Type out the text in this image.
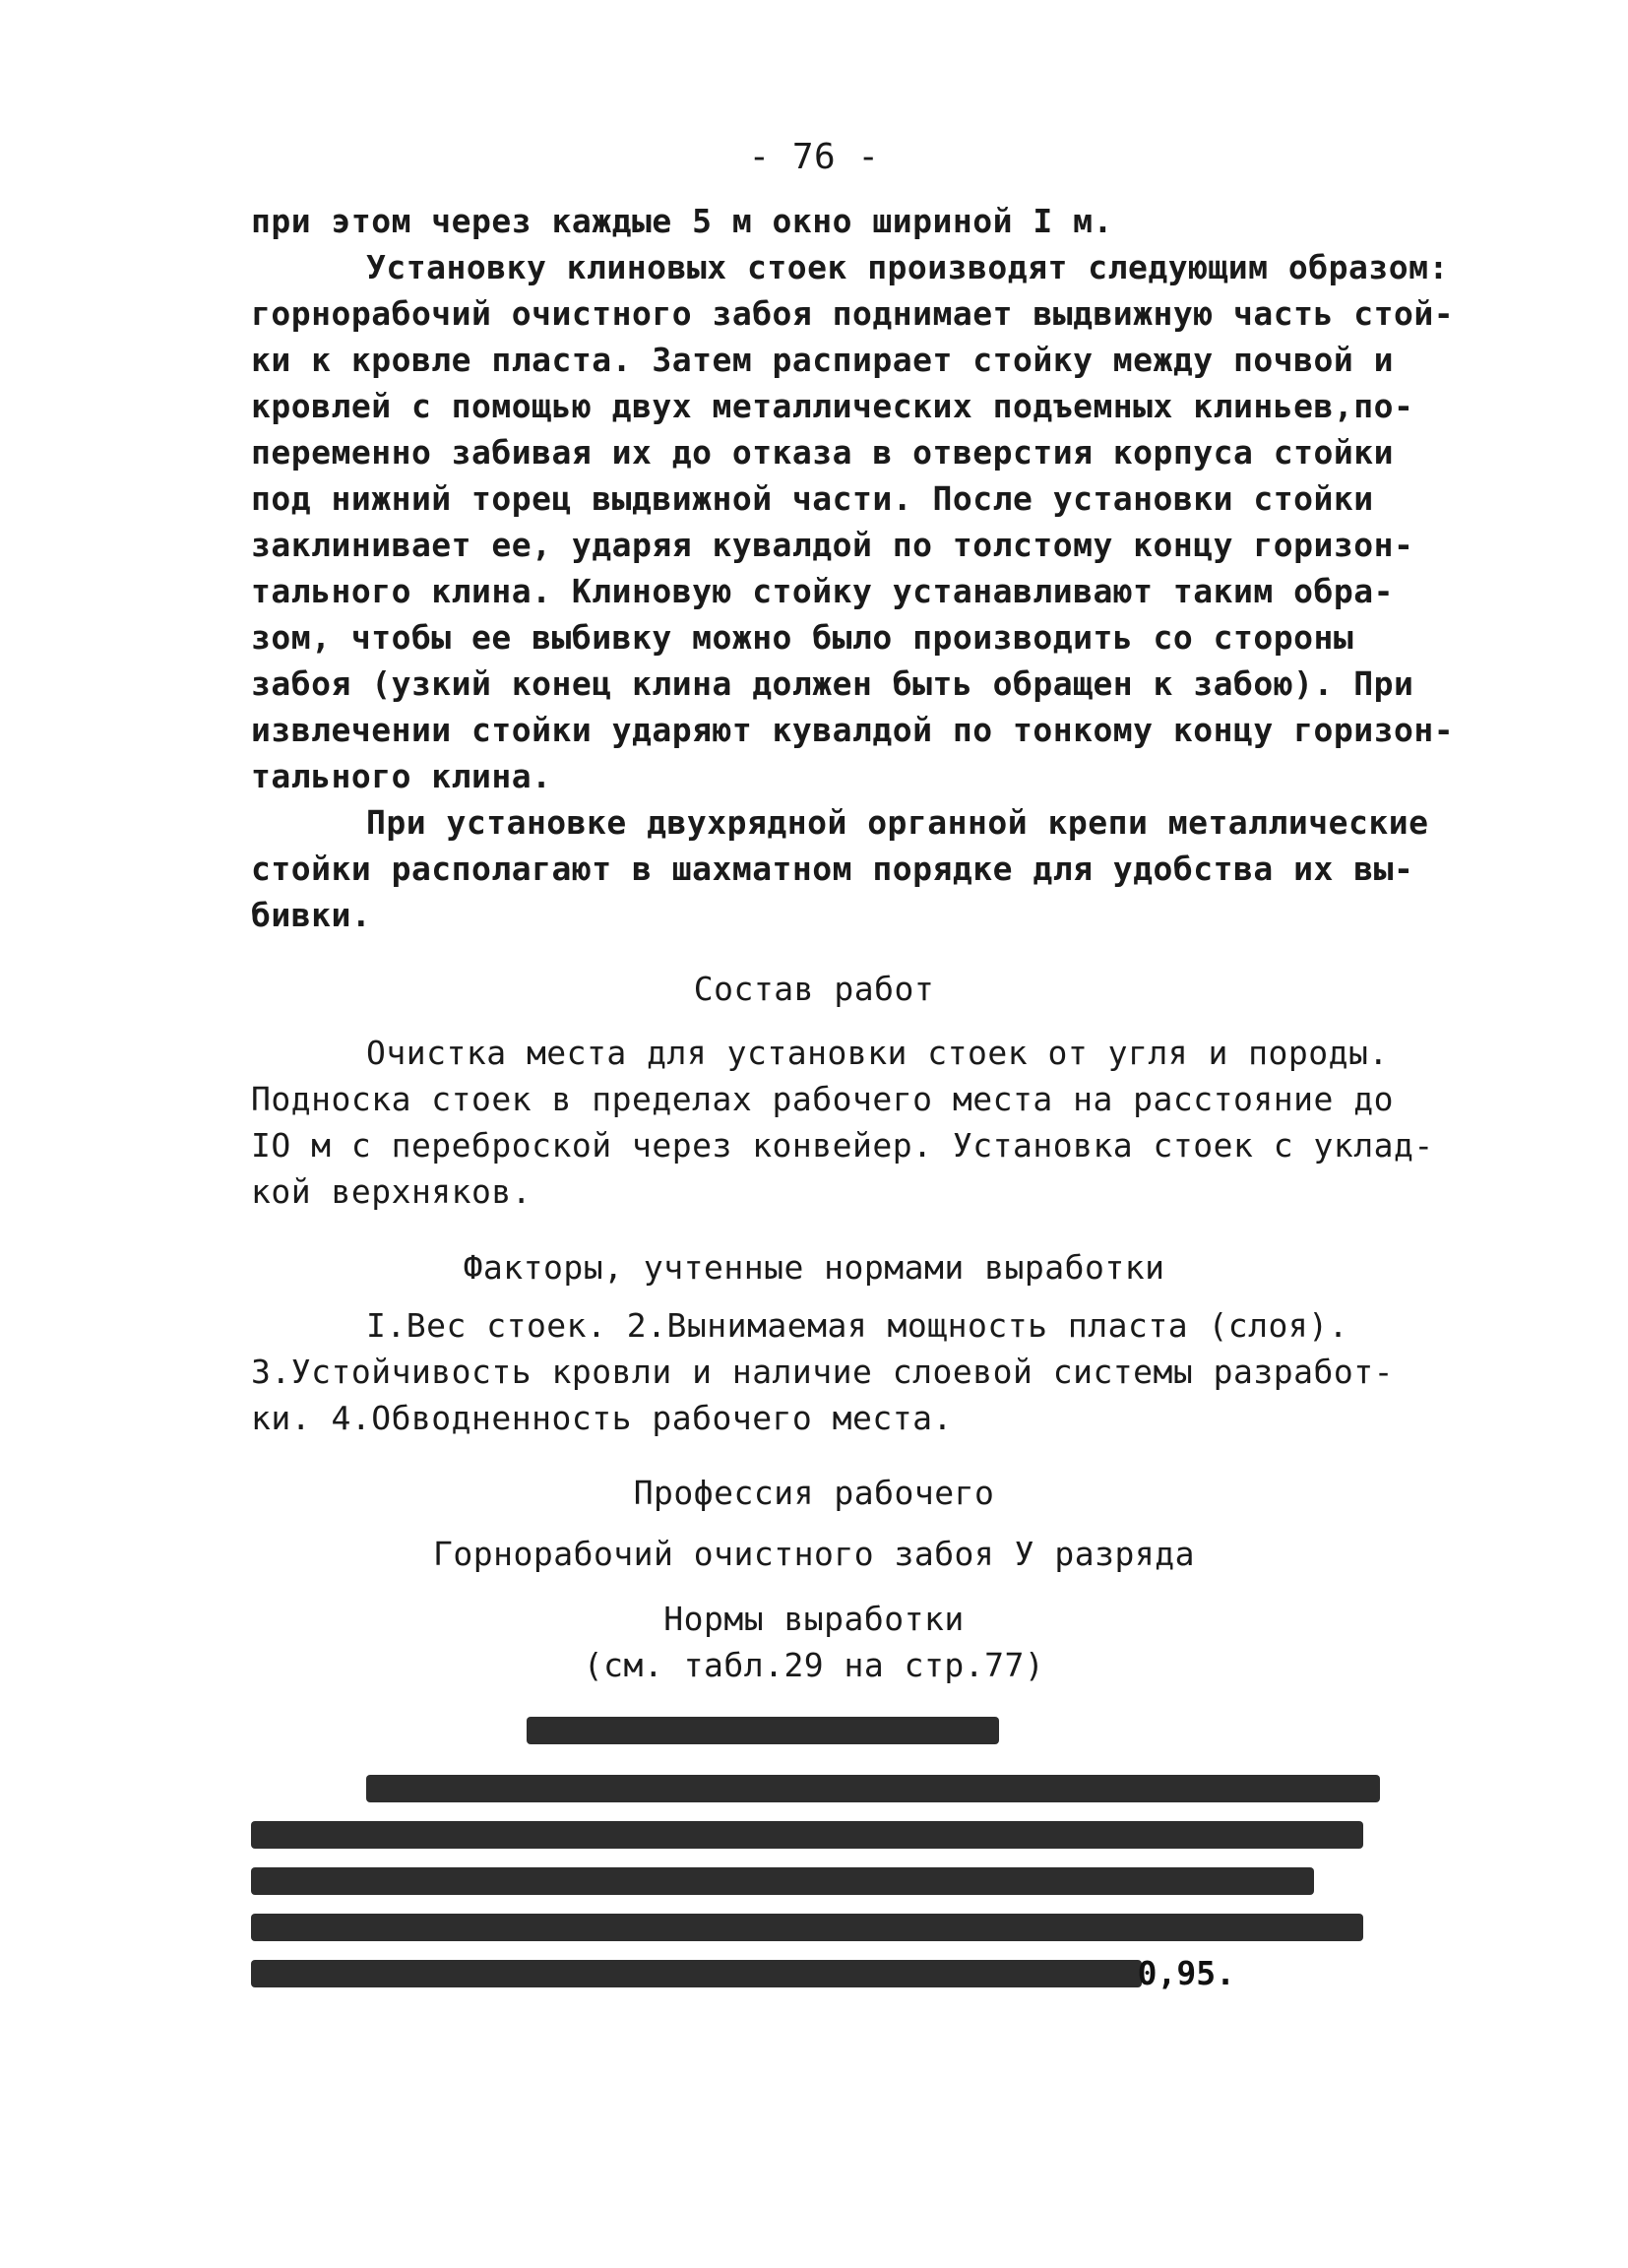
- 76 -
при этом через каждые 5 м окно шириной I м.
Установку клиновых стоек производят следующим образом:
горнорабочий очистного забоя поднимает выдвижную часть стой-
ки к кровле пласта. Затем распирает стойку между почвой и
кровлей с помощью двух металлических подъемных клиньев,по-
переменно забивая их до отказа в отверстия корпуса стойки
под нижний торец выдвижной части. После установки стойки
заклинивает ее, ударяя кувалдой по толстому концу горизон-
тального клина. Клиновую стойку устанавливают таким обра-
зом, чтобы ее выбивку можно было производить со стороны
забоя (узкий конец клина должен быть обращен к забою). При
извлечении стойки ударяют кувалдой по тонкому концу горизон-
тального клина.
При установке двухрядной органной крепи металлические
стойки располагают в шахматном порядке для удобства их вы-
бивки.
Состав работ
Очистка места для установки стоек от угля и породы.
Подноска стоек в пределах рабочего места на расстояние до
IO м с переброской через конвейер. Установка стоек с уклад-
кой верхняков.
Факторы, учтенные нормами выработки
I.Вес стоек. 2.Вынимаемая мощность пласта (слоя).
3.Устойчивость кровли и наличие слоевой системы разработ-
ки. 4.Обводненность рабочего места.
Профессия рабочего
Горнорабочий очистного забоя У разряда
Нормы выработки
(см. табл.29 на стр.77)

0,95.
